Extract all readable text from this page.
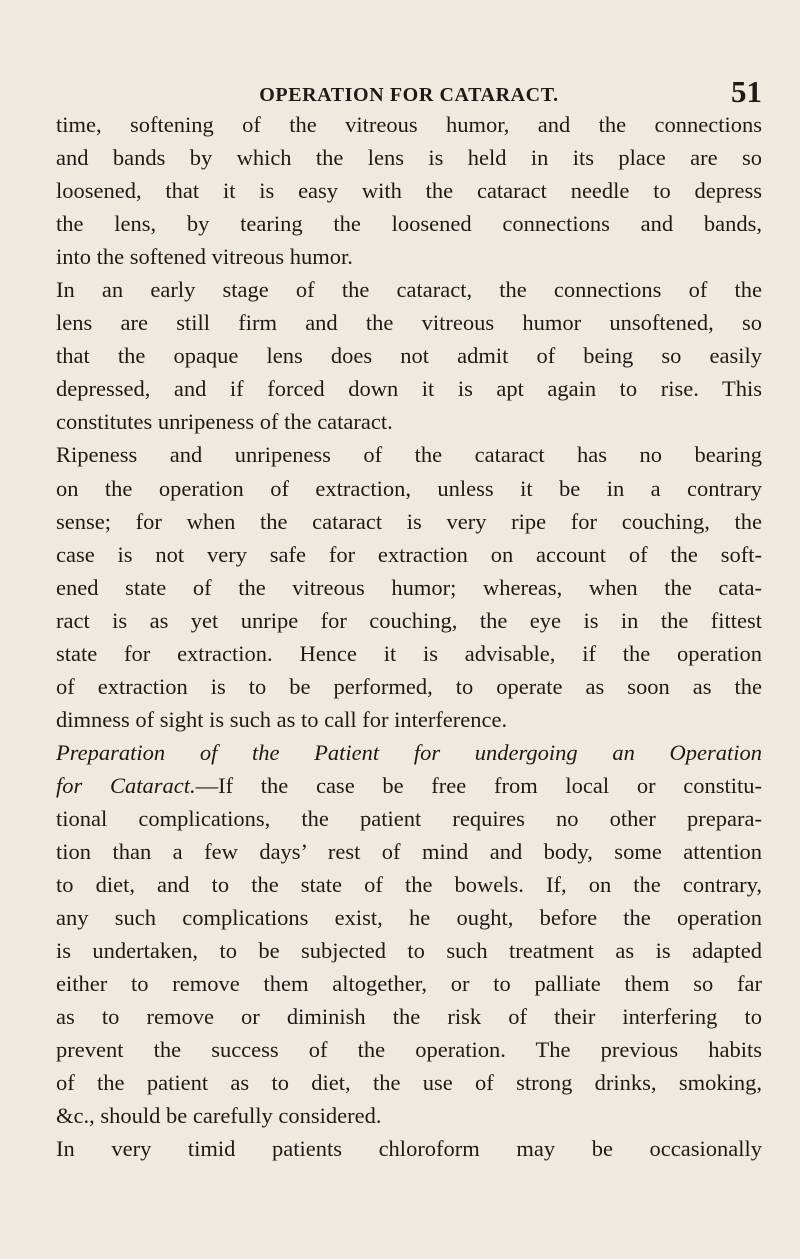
OPERATION FOR CATARACT.	51
time, softening of the vitreous humor, and the connections
and bands by which the lens is held in its place are so
loosened, that it is easy with the cataract needle to depress
the lens, by tearing the loosened connections and bands,
into the softened vitreous humor.
In an early stage of the cataract, the connections of the
lens are still firm and the vitreous humor unsoftened, so
that the opaque lens does not admit of being so easily
depressed, and if forced down it is apt again to rise. This
constitutes unripeness of the cataract.
Ripeness and unripeness of the cataract has no bearing
on the operation of extraction, unless it be in a contrary
sense; for when the cataract is very ripe for couching, the
case is not very safe for extraction on account of the soft-
ened state of the vitreous humor; whereas, when the cata-
ract is as yet unripe for couching, the eye is in the fittest
state for extraction. Hence it is advisable, if the operation
of extraction is to be performed, to operate as soon as the
dimness of sight is such as to call for interference.
Preparation of the Patient for undergoing an Operation
for Cataract.—If the case be free from local or constitu-
tional complications, the patient requires no other prepara-
tion than a few days’ rest of mind and body, some attention
to diet, and to the state of the bowels. If, on the contrary,
any such complications exist, he ought, before the operation
is undertaken, to be subjected to such treatment as is adapted
either to remove them altogether, or to palliate them so far
as to remove or diminish the risk of their interfering to
prevent the success of the operation. The previous habits
of the patient as to diet, the use of strong drinks, smoking,
&c., should be carefully considered.
In very timid patients chloroform may be occasionally
